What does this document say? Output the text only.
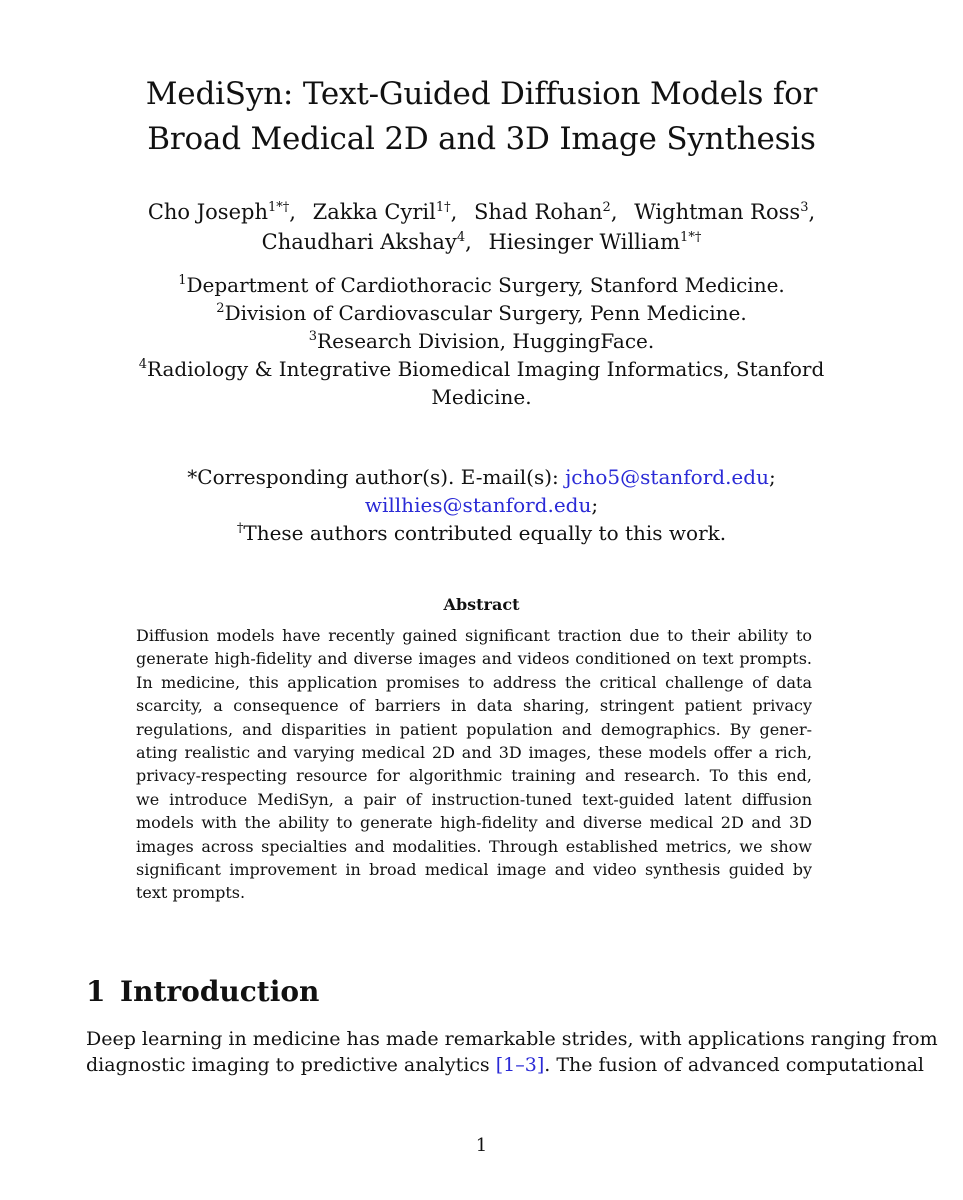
MediSyn: Text-Guided Diffusion Models for
Broad Medical 2D and 3D Image Synthesis
Cho Joseph$^{1*\dagger}$, Zakka Cyril$^{1\dagger}$, Shad Rohan$^2$, Wightman Ross$^3$,
Chaudhari Akshay$^4$, Hiesinger William$^{1*\dagger}$
$^1$Department of Cardiothoracic Surgery, Stanford Medicine.
$^2$Division of Cardiovascular Surgery, Penn Medicine.
$^3$Research Division, HuggingFace.
$^4$Radiology & Integrative Biomedical Imaging Informatics, Stanford
Medicine.
*Corresponding author(s). E-mail(s): jcho5@stanford.edu;
willhies@stanford.edu;
†These authors contributed equally to this work.
Abstract
Diffusion models have recently gained significant traction due to their ability to
generate high-fidelity and diverse images and videos conditioned on text prompts.
In medicine, this application promises to address the critical challenge of data
scarcity, a consequence of barriers in data sharing, stringent patient privacy
regulations, and disparities in patient population and demographics. By gener-
ating realistic and varying medical 2D and 3D images, these models offer a rich,
privacy-respecting resource for algorithmic training and research. To this end,
we introduce MediSyn, a pair of instruction-tuned text-guided latent diffusion
models with the ability to generate high-fidelity and diverse medical 2D and 3D
images across specialties and modalities. Through established metrics, we show
significant improvement in broad medical image and video synthesis guided by
text prompts.
1 Introduction
Deep learning in medicine has made remarkable strides, with applications ranging from
diagnostic imaging to predictive analytics [1–3]. The fusion of advanced computational
1
